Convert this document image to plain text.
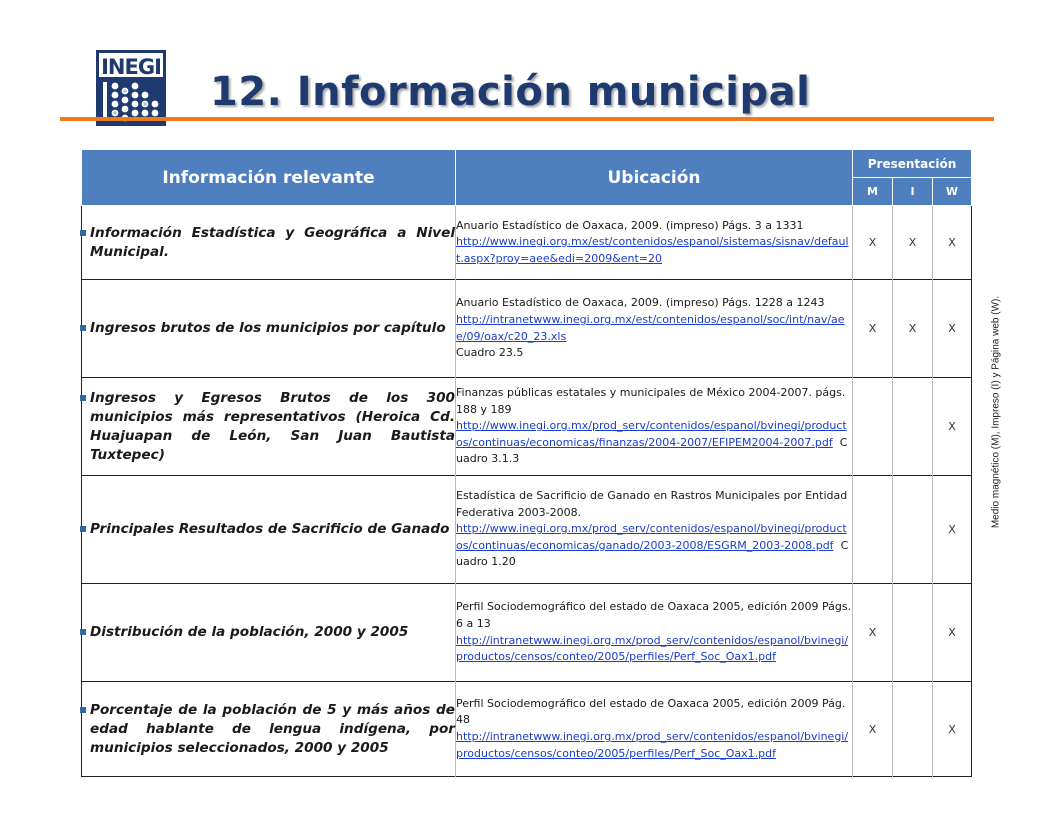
INEGI
12. Información municipal
Información relevante	Ubicación	Presentación		
		M	I	W

Información Estadística y Geográfica a Nivel Municipal.	Anuario Estadístico de Oaxaca, 2009. (impreso) Págs. 3 a 1331
http://www.inegi.org.mx/est/contenidos/espanol/sistemas/sisnav/default.aspx?proy=aee&edi=2009&ent=20	X	X	X

Ingresos brutos de los municipios por capítulo	Anuario Estadístico de Oaxaca, 2009. (impreso) Págs. 1228 a 1243
http://intranetwww.inegi.org.mx/est/contenidos/espanol/soc/int/nav/aee/09/oax/c20_23.xls
Cuadro 23.5	X	X	X

Ingresos y Egresos Brutos de los 300 municipios más representativos (Heroica Cd. Huajuapan de León, San Juan Bautista Tuxtepec)	Finanzas públicas estatales y municipales de México 2004-2007. págs. 188 y 189
http://www.inegi.org.mx/prod_serv/contenidos/espanol/bvinegi/productos/continuas/economicas/finanzas/2004-2007/EFIPEM2004-2007.pdf Cuadro 3.1.3			X

Principales Resultados de Sacrificio de Ganado	Estadística de Sacrificio de Ganado en Rastros Municipales por Entidad Federativa 2003-2008.
http://www.inegi.org.mx/prod_serv/contenidos/espanol/bvinegi/productos/continuas/economicas/ganado/2003-2008/ESGRM_2003-2008.pdf Cuadro 1.20			X

Distribución de la población, 2000 y 2005	Perfil Sociodemográfico del estado de Oaxaca 2005, edición 2009 Págs. 6 a 13
http://intranetwww.inegi.org.mx/prod_serv/contenidos/espanol/bvinegi/productos/censos/conteo/2005/perfiles/Perf_Soc_Oax1.pdf	X		X

Porcentaje de la población de 5 y más años de edad hablante de lengua indígena, por municipios seleccionados, 2000 y 2005	Perfil Sociodemográfico del estado de Oaxaca 2005, edición 2009 Pág. 48
http://intranetwww.inegi.org.mx/prod_serv/contenidos/espanol/bvinegi/productos/censos/conteo/2005/perfiles/Perf_Soc_Oax1.pdf	X		X
Medio magnético (M), Impreso (I) y Página web (W).
